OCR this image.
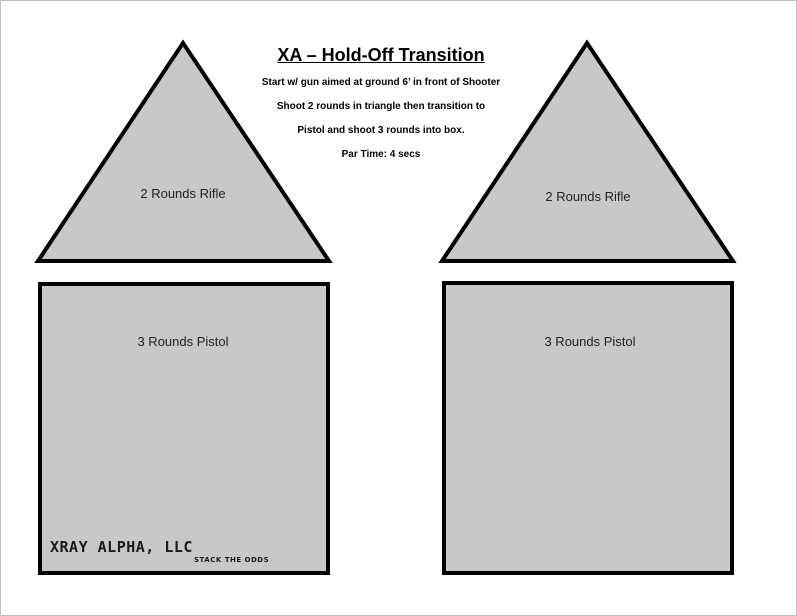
XA – Hold-Off Transition
Start w/ gun aimed at ground 6’ in front of Shooter
Shoot 2 rounds in triangle then transition to
Pistol and shoot 3 rounds into box.
Par Time: 4 secs
2 Rounds Rifle
3 Rounds Pistol
2 Rounds Rifle
3 Rounds Pistol
XRAY ALPHA, LLC
STACK THE ODDS
